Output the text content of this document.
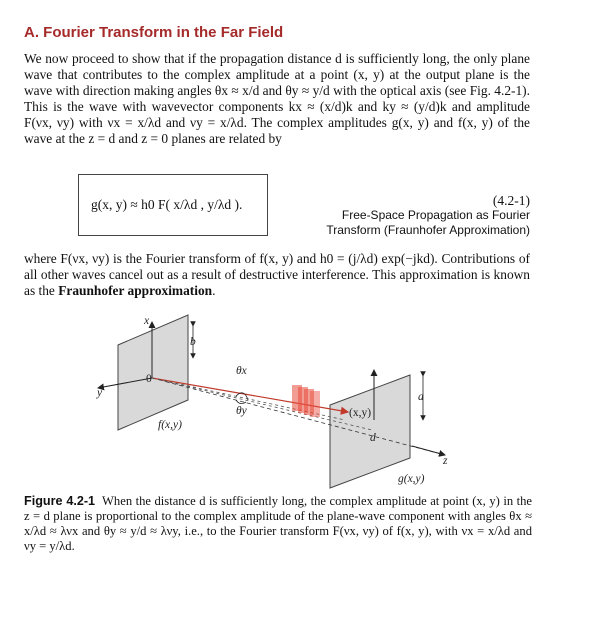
A. Fourier Transform in the Far Field

We now proceed to show that if the propagation distance d is sufficiently long, the only plane wave that contributes to the complex amplitude at a point (x, y) at the output plane is the wave with direction making angles θx ≈ x/d and θy ≈ y/d with the optical axis (see Fig. 4.2-1). This is the wave with wavevector components kx ≈ (x/d)k and ky ≈ (y/d)k and amplitude F(νx, νy) with νx = x/λd and νy = x/λd. The complex amplitudes g(x, y) and f(x, y) of the wave at the z = d and z = 0 planes are related by

g(x, y) ≈ h0 F( x/λd , y/λd ).	(4.2-1)
Free-Space Propagation as Fourier
Transform (Fraunhofer Approximation)

where F(νx, νy) is the Fourier transform of f(x, y) and h0 = (j/λd) exp(−jkd). Contributions of all other waves cancel out as a result of destructive interference. This approximation is known as the Fraunhofer approximation.

x
y
0
b
θx
θy	(x,y)
a
d
z
f(x,y)
g(x,y)
Figure 4.2-1 When the distance d is sufficiently long, the complex amplitude at point (x, y) in the z = d plane is proportional to the complex amplitude of the plane-wave component with angles θx ≈ x/λd ≈ λνx and θy ≈ y/d ≈ λνy, i.e., to the Fourier transform F(νx, νy) of f(x, y), with νx = x/λd and νy = y/λd.
